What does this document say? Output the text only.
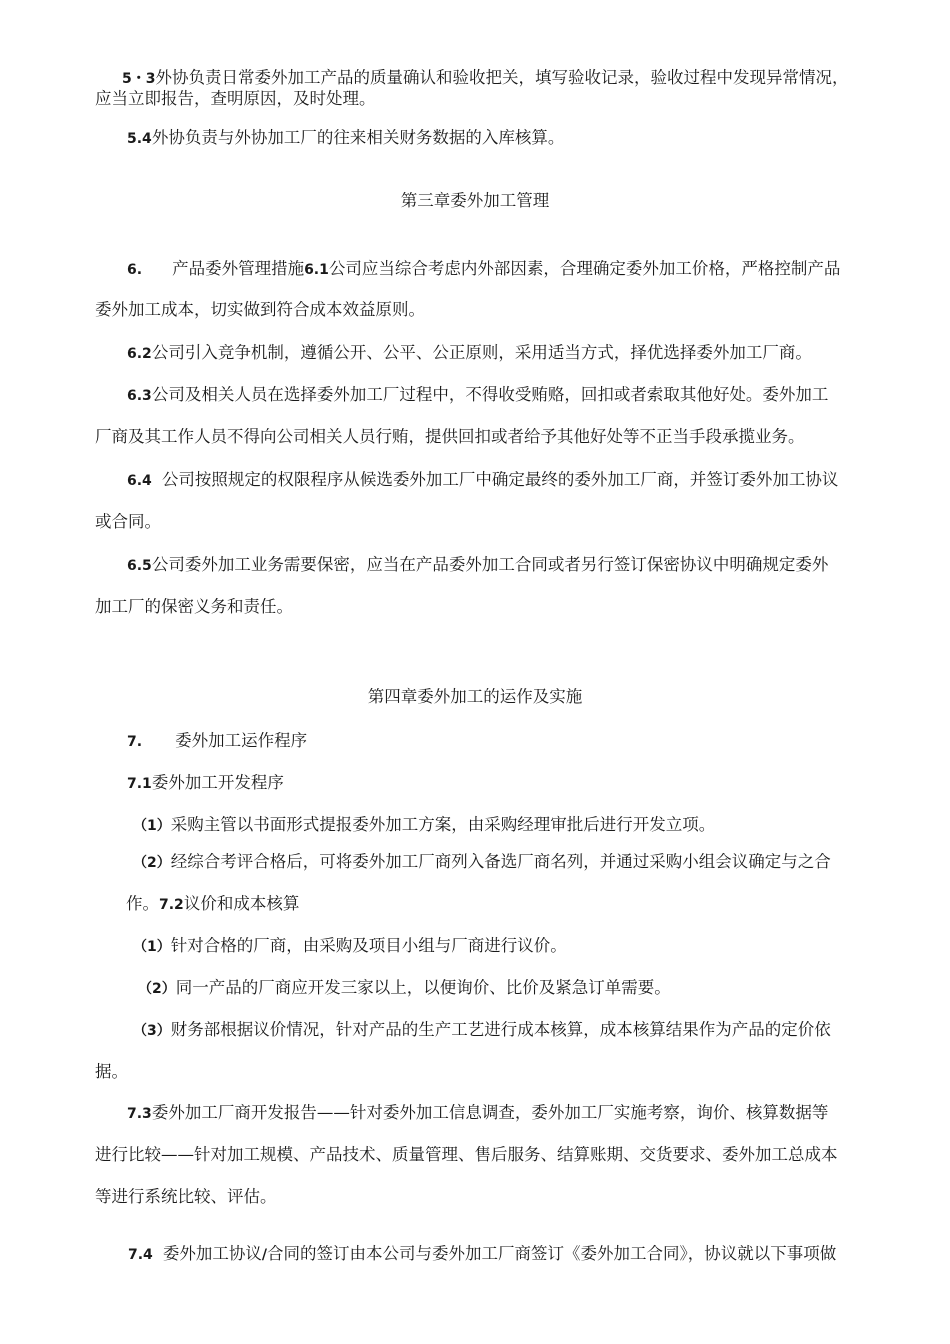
5・3外协负责日常委外加工产品的质量确认和验收把关，填写验收记录，验收过程中发现异常情况，
应当立即报告，查明原因，及时处理。
5.4外协负责与外协加工厂的往来相关财务数据的入库核算。
第三章委外加工管理
6. 产品委外管理措施6.1公司应当综合考虑内外部因素，合理确定委外加工价格，严格控制产品
委外加工成本，切实做到符合成本效益原则。
6.2公司引入竞争机制，遵循公开、公平、公正原则，采用适当方式，择优选择委外加工厂商。
6.3公司及相关人员在选择委外加工厂过程中，不得收受贿赂，回扣或者索取其他好处。委外加工
厂商及其工作人员不得向公司相关人员行贿，提供回扣或者给予其他好处等不正当手段承揽业务。
6.4 公司按照规定的权限程序从候选委外加工厂中确定最终的委外加工厂商，并签订委外加工协议
或合同。
6.5公司委外加工业务需要保密，应当在产品委外加工合同或者另行签订保密协议中明确规定委外
加工厂的保密义务和责任。
第四章委外加工的运作及实施
7. 委外加工运作程序
7.1委外加工开发程序
（1）采购主管以书面形式提报委外加工方案，由采购经理审批后进行开发立项。
（2）经综合考评合格后，可将委外加工厂商列入备选厂商名列，并通过采购小组会议确定与之合
作。7.2议价和成本核算
（1）针对合格的厂商，由采购及项目小组与厂商进行议价。
（2）同一产品的厂商应开发三家以上，以便询价、比价及紧急订单需要。
（3）财务部根据议价情况，针对产品的生产工艺进行成本核算，成本核算结果作为产品的定价依
据。
7.3委外加工厂商开发报告——针对委外加工信息调查，委外加工厂实施考察，询价、核算数据等
进行比较——针对加工规模、产品技术、质量管理、售后服务、结算账期、交货要求、委外加工总成本
等进行系统比较、评估。
7.4 委外加工协议/合同的签订由本公司与委外加工厂商签订《委外加工合同》，协议就以下事项做
